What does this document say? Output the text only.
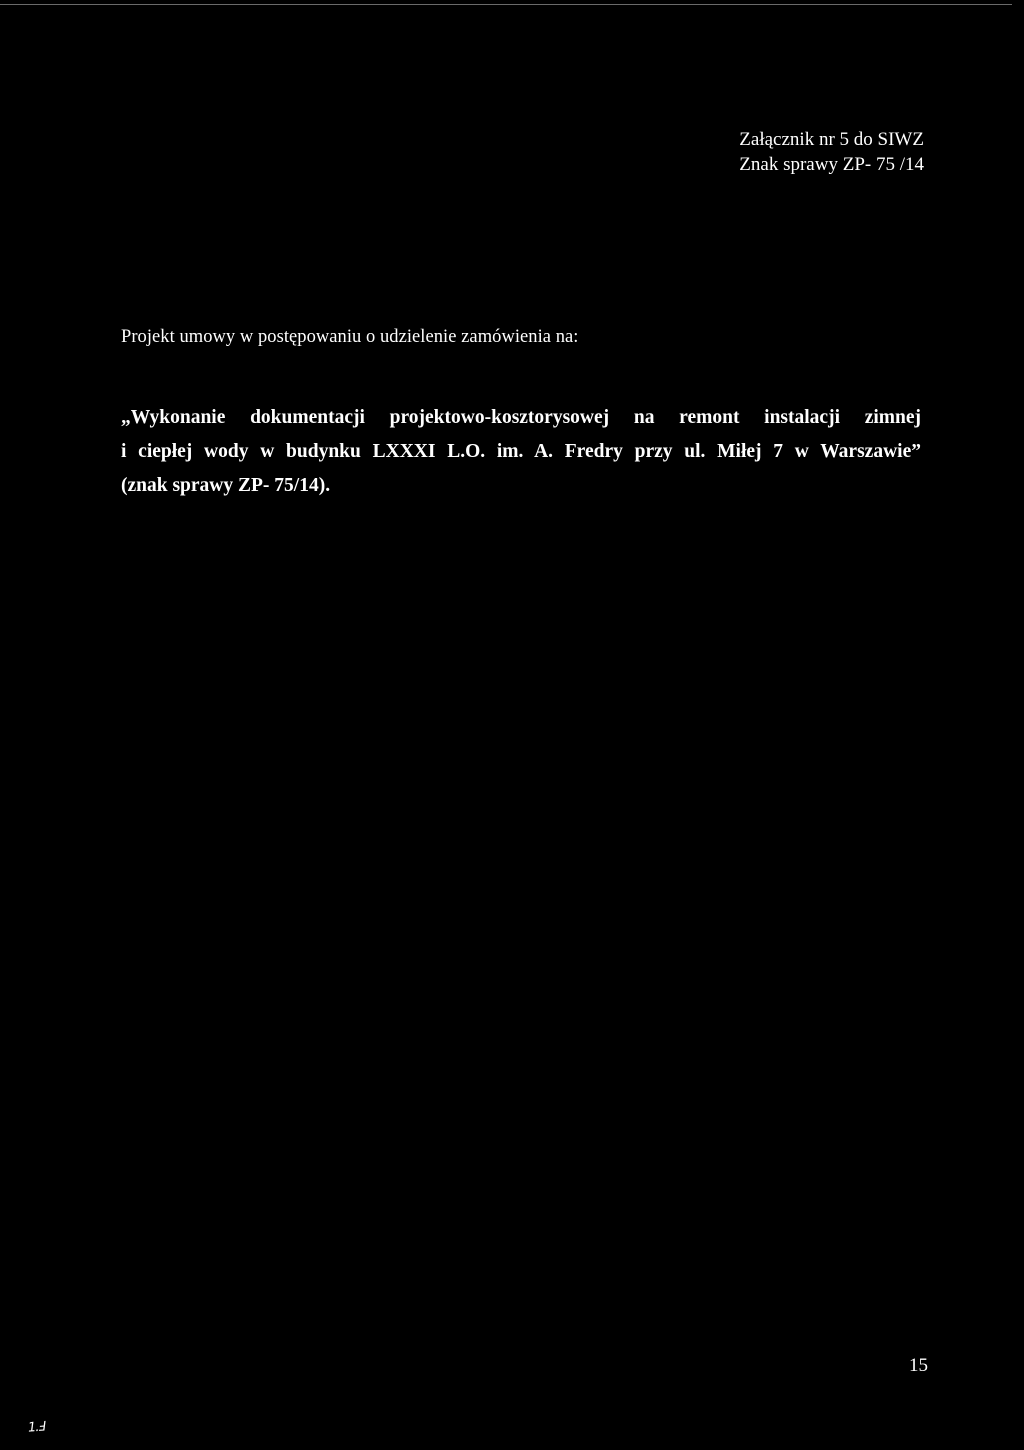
Załącznik nr 5 do SIWZ
Znak sprawy ZP- 75 /14
Projekt umowy w postępowaniu o udzielenie zamówienia na:
„Wykonanie dokumentacji projektowo-kosztorysowej na remont instalacji zimnej
i ciepłej wody w budynku LXXXI L.O. im. A. Fredry przy ul. Miłej 7 w Warszawie”
(znak sprawy ZP- 75/14).
15
1.Ⅎ
